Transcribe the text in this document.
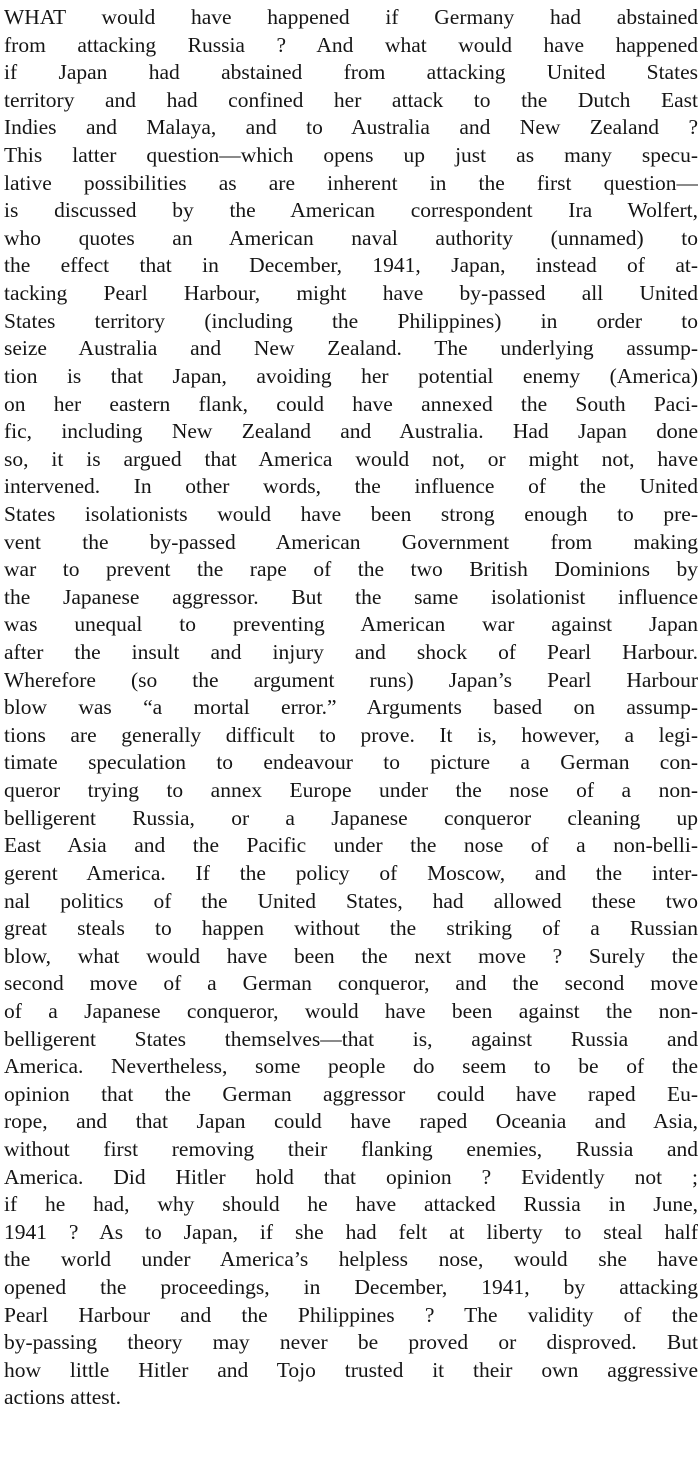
WHAT would have happened if Germany had abstained
from attacking Russia ? And what would have happened
if Japan had abstained from attacking United States
territory and had confined her attack to the Dutch East
Indies and Malaya, and to Australia and New Zealand ?
This latter question—which opens up just as many specu-
lative possibilities as are inherent in the first question—
is discussed by the American correspondent Ira Wolfert,
who quotes an American naval authority (unnamed) to
the effect that in December, 1941, Japan, instead of at-
tacking Pearl Harbour, might have by-passed all United
States territory (including the Philippines) in order to
seize Australia and New Zealand. The underlying assump-
tion is that Japan, avoiding her potential enemy (America)
on her eastern flank, could have annexed the South Paci-
fic, including New Zealand and Australia. Had Japan done
so, it is argued that America would not, or might not, have
intervened. In other words, the influence of the United
States isolationists would have been strong enough to pre-
vent the by-passed American Government from making
war to prevent the rape of the two British Dominions by
the Japanese aggressor. But the same isolationist influence
was unequal to preventing American war against Japan
after the insult and injury and shock of Pearl Harbour.
Wherefore (so the argument runs) Japan’s Pearl Harbour
blow was “a mortal error.” Arguments based on assump-
tions are generally difficult to prove. It is, however, a legi-
timate speculation to endeavour to picture a German con-
queror trying to annex Europe under the nose of a non-
belligerent Russia, or a Japanese conqueror cleaning up
East Asia and the Pacific under the nose of a non-belli-
gerent America. If the policy of Moscow, and the inter-
nal politics of the United States, had allowed these two
great steals to happen without the striking of a Russian
blow, what would have been the next move ? Surely the
second move of a German conqueror, and the second move
of a Japanese conqueror, would have been against the non-
belligerent States themselves—that is, against Russia and
America. Nevertheless, some people do seem to be of the
opinion that the German aggressor could have raped Eu-
rope, and that Japan could have raped Oceania and Asia,
without first removing their flanking enemies, Russia and
America. Did Hitler hold that opinion ? Evidently not ;
if he had, why should he have attacked Russia in June,
1941 ? As to Japan, if she had felt at liberty to steal half
the world under America’s helpless nose, would she have
opened the proceedings, in December, 1941, by attacking
Pearl Harbour and the Philippines ? The validity of the
by-passing theory may never be proved or disproved. But
how little Hitler and Tojo trusted it their own aggressive
actions attest.
